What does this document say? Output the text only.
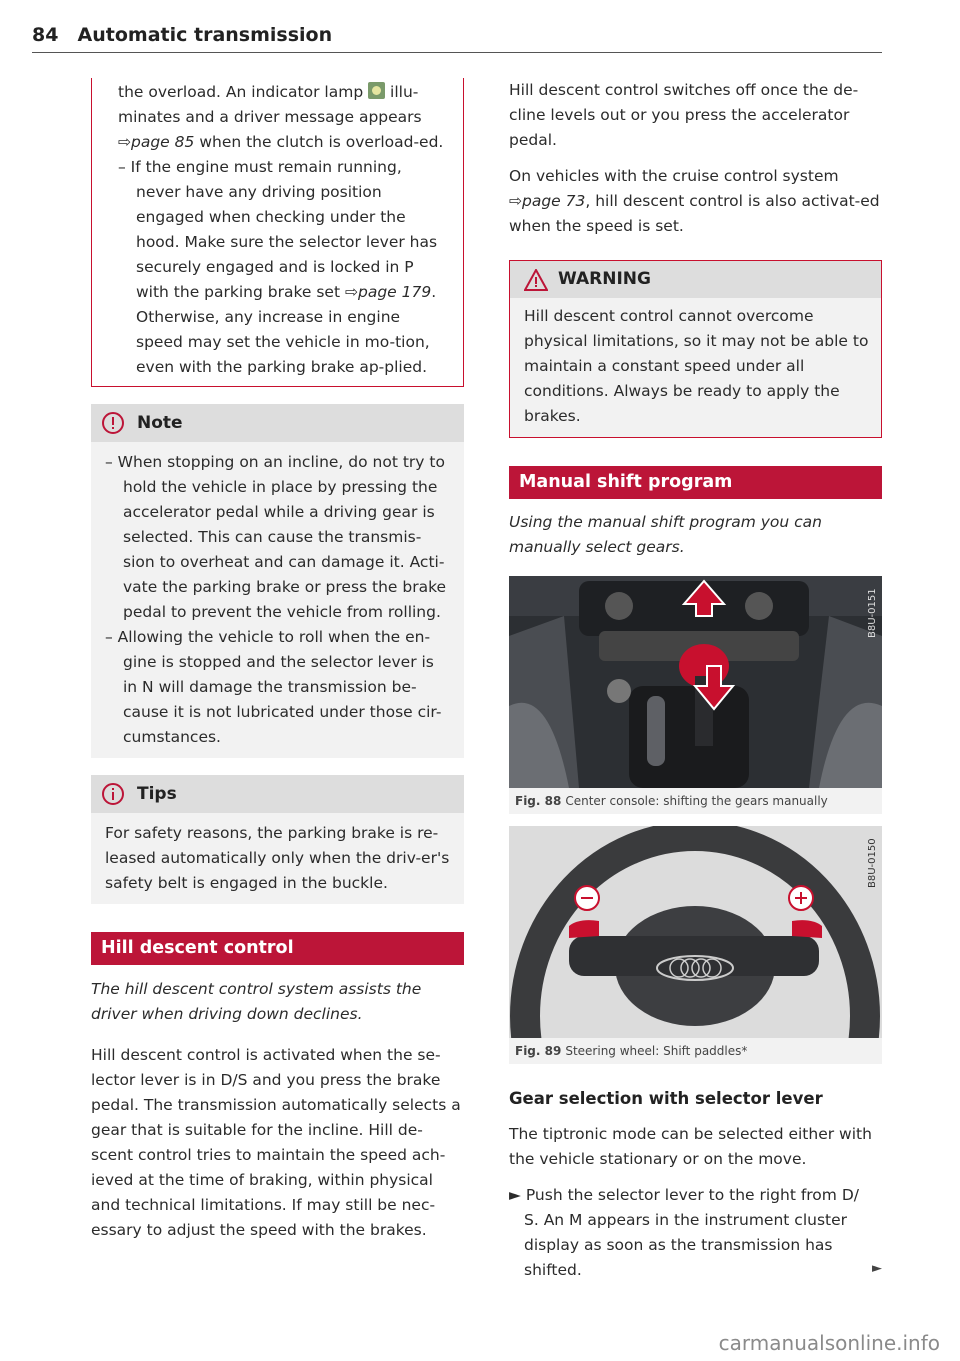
84 Automatic transmission

the overload. An indicator lamp illu-minates and a driver message appears ⇨page 85 when the clutch is overload-ed.

– If the engine must remain running, never have any driving position engaged when checking under the hood. Make sure the selector lever has securely engaged and is locked in P with the parking brake set ⇨page 179. Otherwise, any increase in engine speed may set the vehicle in mo-tion, even with the parking brake ap-plied.

Note

– When stopping on an incline, do not try to hold the vehicle in place by pressing the accelerator pedal while a driving gear is selected. This can cause the transmis-sion to overheat and can damage it. Acti-vate the parking brake or press the brake pedal to prevent the vehicle from rolling.

– Allowing the vehicle to roll when the en-gine is stopped and the selector lever is in N will damage the transmission be-cause it is not lubricated under those cir-cumstances.

Tips

For safety reasons, the parking brake is re-leased automatically only when the driv-er's safety belt is engaged in the buckle.

Hill descent control

The hill descent control system assists the driver when driving down declines.

Hill descent control is activated when the se-lector lever is in D/S and you press the brake pedal. The transmission automatically selects a gear that is suitable for the incline. Hill de-scent control tries to maintain the speed ach-ieved at the time of braking, within physical and technical limitations. If may still be nec-essary to adjust the speed with the brakes.

Hill descent control switches off once the de-cline levels out or you press the accelerator pedal.

On vehicles with the cruise control system ⇨page 73, hill descent control is also activat-ed when the speed is set.

WARNING

Hill descent control cannot overcome physical limitations, so it may not be able to maintain a constant speed under all conditions. Always be ready to apply the brakes.

Manual shift program

Using the manual shift program you can manually select gears.

B8U-0151
Fig. 88 Center console: shifting the gears manually
B8U-0150
Fig. 89 Steering wheel: Shift paddles*

Gear selection with selector lever

The tiptronic mode can be selected either with the vehicle stationary or on the move.

► Push the selector lever to the right from D/ S. An M appears in the instrument cluster display as soon as the transmission has shifted.	►
carmanualsonline.info
